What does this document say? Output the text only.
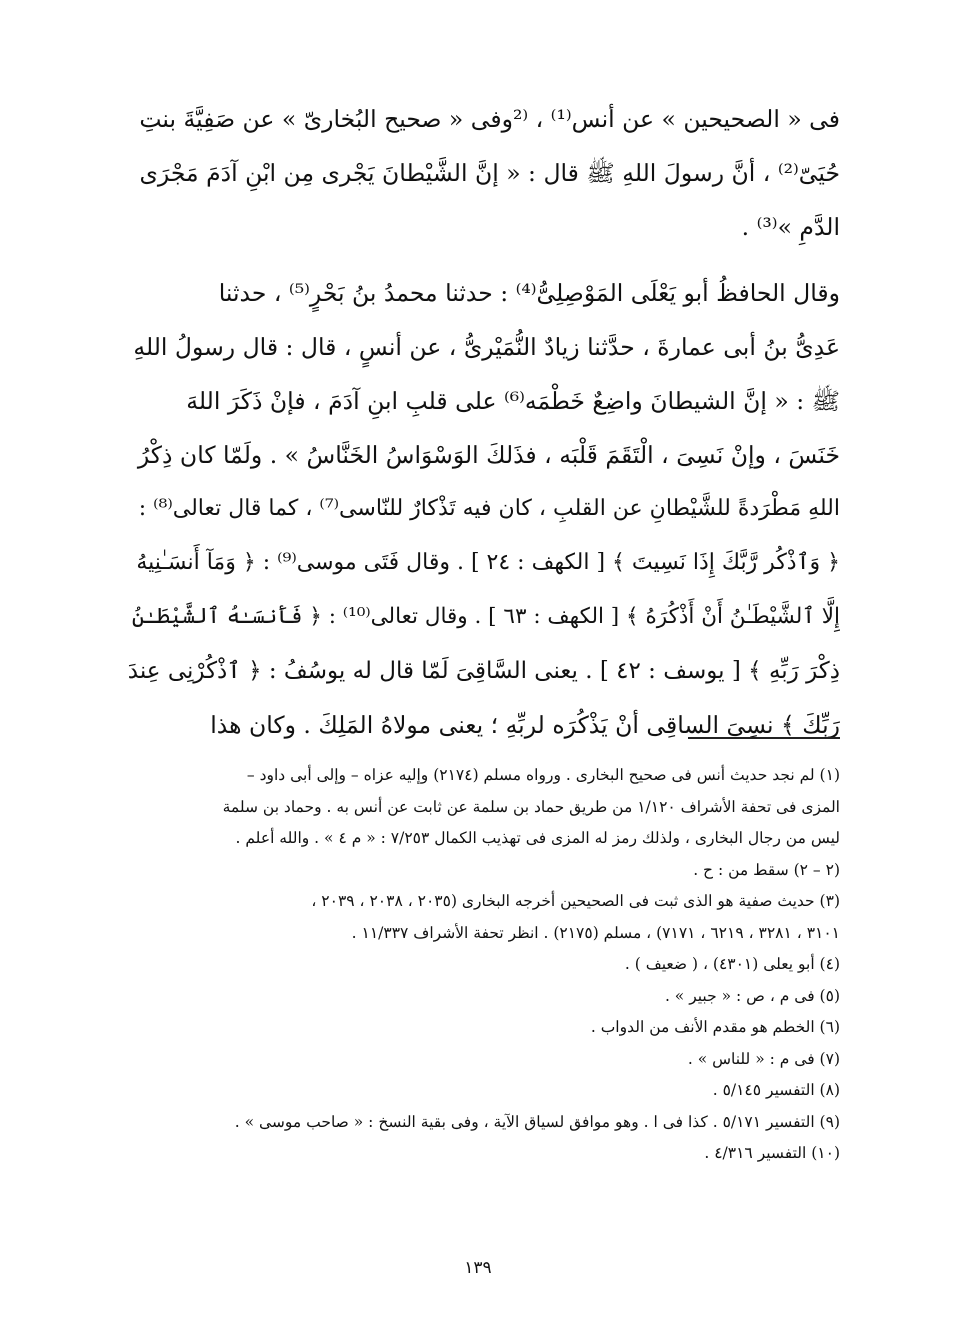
فى « الصحيحين » عن أنس⁽¹⁾ ، ⁽²وفى « صحيح البُخارىّ » عن صَفِيَّةَ بنتِ
حُيَىّ⁽²⁾ ، أنَّ رسولَ اللهِ ﷺ قال : « إنَّ الشَّيْطانَ يَجْرى مِن ابْنِ آدَمَ مَجْرَى
الدَّمِ »⁽³⁾ .
وقال الحافظُ أبو يَعْلَى المَوْصِلِىُّ⁽⁴⁾ : حدثنا محمدُ بنُ بَحْرٍ⁽⁵⁾ ، حدثنا
عَدِىُّ بنُ أبى عمارةَ ، حدَّثنا زيادٌ النُّمَيْرىُّ ، عن أنسٍ ، قال : قال رسولُ اللهِ
ﷺ : « إنَّ الشيطانَ واضِعٌ خَطْمَه⁽⁶⁾ على قلبِ ابنِ آدَمَ ، فإنْ ذَكَرَ اللهَ
خَنَسَ ، وإنْ نَسِىَ ، الْتَقَمَ قَلْبَه ، فذَلكَ الوَسْوَاسُ الخَنَّاسُ » . ولَمّا كان ذِكْرُ
اللهِ مَطْرَدةً للشَّيْطانِ عن القلبِ ، كان فيه تَذْكارٌ للنّاسى⁽⁷⁾ ، كما قال تعالى⁽⁸⁾ :
﴿ وَٱذْكُر رَّبَّكَ إِذَا نَسِيتَ ﴾ [ الكهف : ٢٤ ] . وقال فَتَى موسى⁽⁹⁾ : ﴿ وَمَآ أَنسَـٰنِيهُ
إِلَّا ٱلشَّيْطَـٰنُ أَنْ أَذْكُرَهُ ﴾ [ الكهف : ٦٣ ] . وقال تعالى⁽¹⁰⁾ : ﴿ فَأَنسَـٰهُ ٱلشَّيْطَـٰنُ
ذِكْرَ رَبِّهِ ﴾ [ يوسف : ٤٢ ] . يعنى السَّاقِىَ لَمّا قال له يوسُفُ : ﴿ ٱذْكُرْنِى عِندَ
رَبِّكَ ﴾ نسِىَ الساقِى أنْ يَذْكُرَه لربِّهِ ؛ يعنى مولاهُ المَلِكَ . وكان هذا
(١) لم نجد حديث أنس فى صحيح البخارى . ورواه مسلم (٢١٧٤) وإليه عزاه – وإلى أبى داود –
المزى فى تحفة الأشراف ١/١٢٠ من طريق حماد بن سلمة عن ثابت عن أنس به . وحماد بن سلمة
ليس من رجال البخارى ، ولذلك رمز له المزى فى تهذيب الكمال ٧/٢٥٣ : « م ٤ » . والله أعلم .
(٢ – ٢) سقط من : ح .
(٣) حديث صفية هو الذى ثبت فى الصحيحين أخرجه البخارى (٢٠٣٥ ، ٢٠٣٨ ، ٢٠٣٩ ،
٣١٠١ ، ٣٢٨١ ، ٦٢١٩ ، ٧١٧١) ، مسلم (٢١٧٥) . انظر تحفة الأشراف ١١/٣٣٧ .
(٤) أبو يعلى (٤٣٠١) ، ( ضعيف ) .
(٥) فى م ، ص : « جبير » .
(٦) الخطم هو مقدم الأنف من الدواب .
(٧) فى م : « للناس » .
(٨) التفسير ٥/١٤٥ .
(٩) التفسير ٥/١٧١ . كذا فى ا . وهو موافق لسياق الآية ، وفى بقية النسخ : « صاحب موسى » .
(١٠) التفسير ٤/٣١٦ .
١٣٩
